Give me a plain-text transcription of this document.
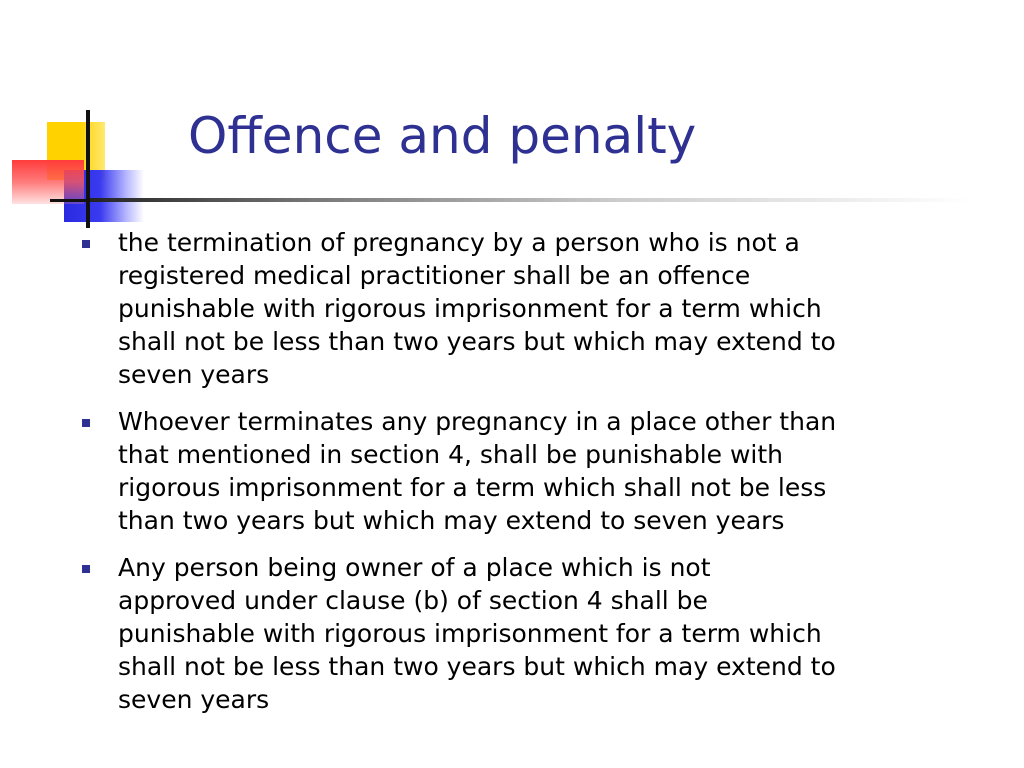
Offence and penalty
the termination of pregnancy by a person who is not a
registered medical practitioner shall be an offence
punishable with rigorous imprisonment for a term which
shall not be less than two years but which may extend to
seven years
Whoever terminates any pregnancy in a place other than
that mentioned in section 4, shall be punishable with
rigorous imprisonment for a term which shall not be less
than two years but which may extend to seven years
Any person being owner of a place which is not
approved under clause (b) of section 4 shall be
punishable with rigorous imprisonment for a term which
shall not be less than two years but which may extend to
seven years
